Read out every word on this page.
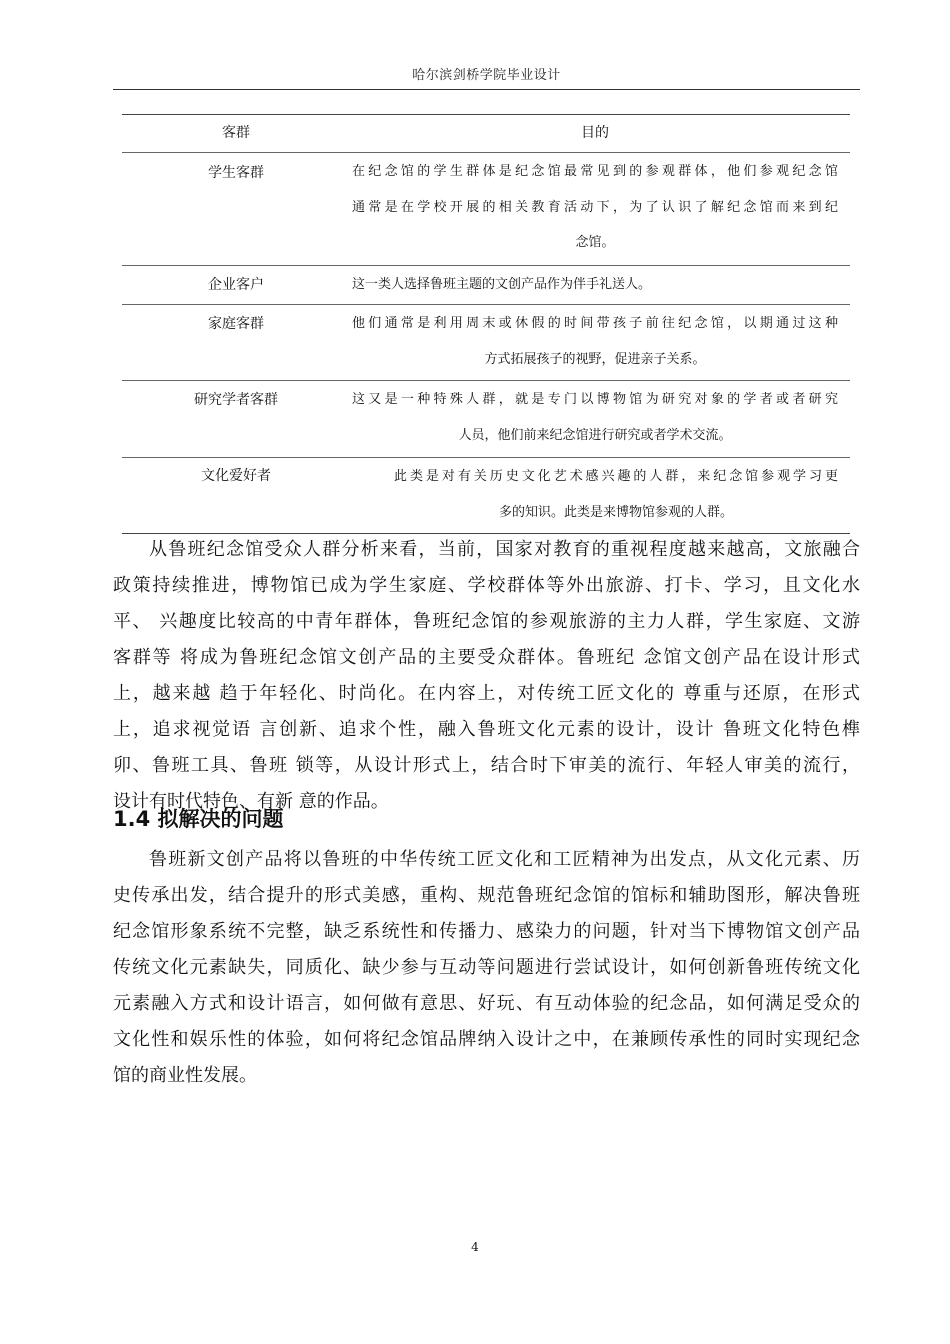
哈尔滨剑桥学院毕业设计
客群	目的
学生客群	在纪念馆的学生群体是纪念馆最常见到的参观群体，他们参观纪念馆
通常是在学校开展的相关教育活动下，为了认识了解纪念馆而来到纪
念馆。
企业客户	这一类人选择鲁班主题的文创产品作为伴手礼送人。
家庭客群	他们通常是利用周末或休假的时间带孩子前往纪念馆，以期通过这种
方式拓展孩子的视野，促进亲子关系。
研究学者客群	这又是一种特殊人群，就是专门以博物馆为研究对象的学者或者研究
人员，他们前来纪念馆进行研究或者学术交流。
文化爱好者	此类是对有关历史文化艺术感兴趣的人群，来纪念馆参观学习更
多的知识。此类是来博物馆参观的人群。
从鲁班纪念馆受众人群分析来看，当前，国家对教育的重视程度越来越高，文旅融合
政策持续推进，博物馆已成为学生家庭、学校群体等外出旅游、打卡、学习，且文化水
平、 兴趣度比较高的中青年群体，鲁班纪念馆的参观旅游的主力人群，学生家庭、文游
客群等 将成为鲁班纪念馆文创产品的主要受众群体。鲁班纪 念馆文创产品在设计形式
上，越来越 趋于年轻化、时尚化。在内容上，对传统工匠文化的 尊重与还原，在形式
上，追求视觉语 言创新、追求个性，融入鲁班文化元素的设计，设计 鲁班文化特色榫
卯、鲁班工具、鲁班 锁等，从设计形式上，结合时下审美的流行、年轻人审美的流行，
设计有时代特色、有新 意的作品。
1.4 拟解决的问题
鲁班新文创产品将以鲁班的中华传统工匠文化和工匠精神为出发点，从文化元素、历
史传承出发，结合提升的形式美感，重构、规范鲁班纪念馆的馆标和辅助图形，解决鲁班
纪念馆形象系统不完整，缺乏系统性和传播力、感染力的问题，针对当下博物馆文创产品
传统文化元素缺失，同质化、缺少参与互动等问题进行尝试设计，如何创新鲁班传统文化
元素融入方式和设计语言，如何做有意思、好玩、有互动体验的纪念品，如何满足受众的
文化性和娱乐性的体验，如何将纪念馆品牌纳入设计之中，在兼顾传承性的同时实现纪念
馆的商业性发展。
4
